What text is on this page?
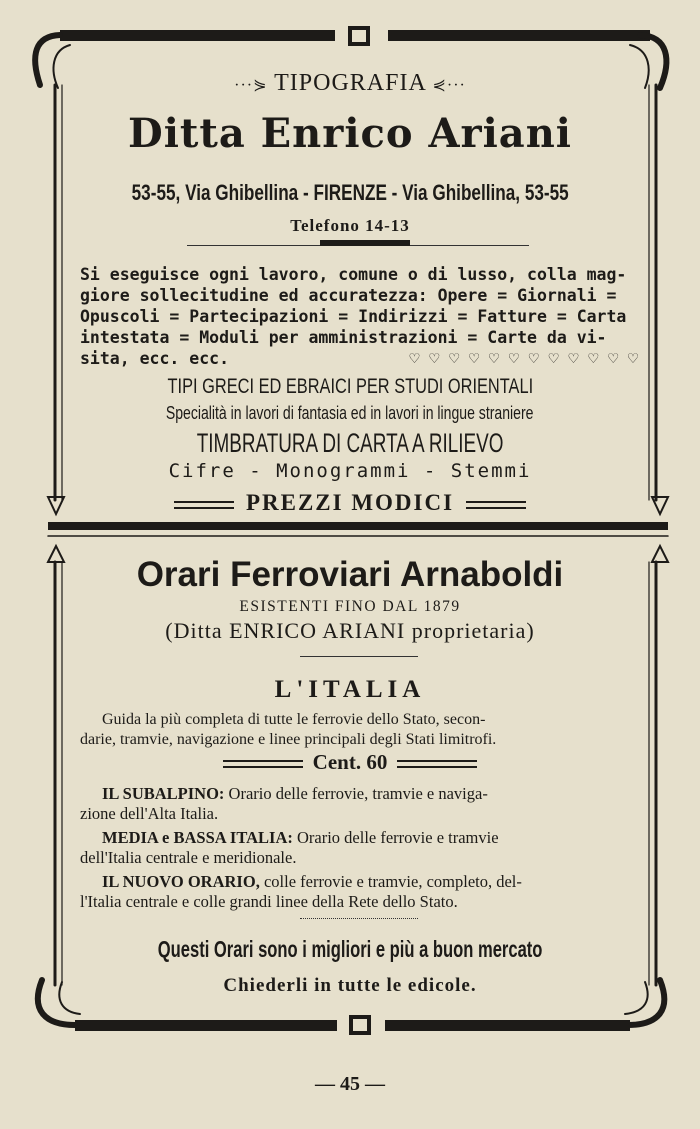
···⋟ TIPOGRAFIA ⋞···
Ditta Enrico Ariani
53-55, Via Ghibellina - FIRENZE - Via Ghibellina, 53-55
Telefono 14-13
Si eseguisce ogni lavoro, comune o di lusso, colla mag-
giore sollecitudine ed accuratezza: Opere = Giornali =
Opuscoli = Partecipazioni = Indirizzi = Fatture = Carta
intestata = Moduli per amministrazioni = Carte da vi-
sita, ecc. ecc.	♡ ♡ ♡ ♡ ♡ ♡ ♡ ♡ ♡ ♡ ♡ ♡
TIPI GRECI ED EBRAICI PER STUDI ORIENTALI
Specialità in lavori di fantasia ed in lavori in lingue straniere
TIMBRATURA DI CARTA A RILIEVO
Cifre - Monogrammi - Stemmi
PREZZI MODICI
Orari Ferroviari Arnaboldi
ESISTENTI FINO DAL 1879
(Ditta ENRICO ARIANI proprietaria)
L'ITALIA
Guida la più completa di tutte le ferrovie dello Stato, secon-
darie, tramvie, navigazione e linee principali degli Stati limitrofi.
Cent. 60
IL SUBALPINO: Orario delle ferrovie, tramvie e naviga-
zione dell'Alta Italia.
MEDIA e BASSA ITALIA: Orario delle ferrovie e tramvie
dell'Italia centrale e meridionale.
IL NUOVO ORARIO, colle ferrovie e tramvie, completo, del-
l'Italia centrale e colle grandi linee della Rete dello Stato.
Questi Orari sono i migliori e più a buon mercato
Chiederli in tutte le edicole.
— 45 —
